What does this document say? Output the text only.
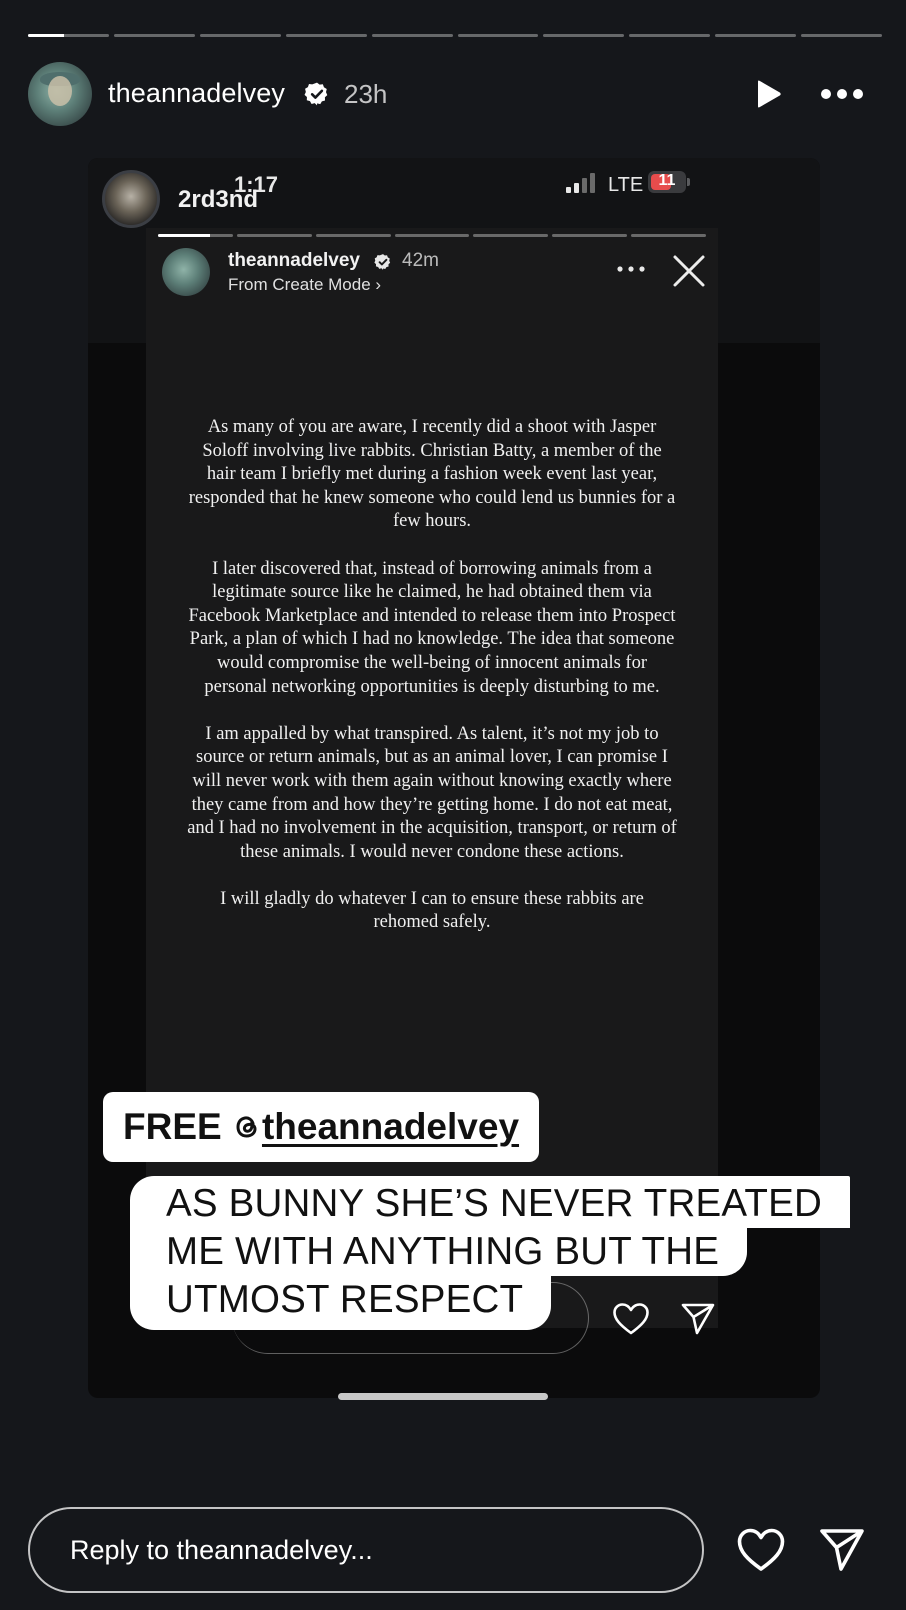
theannadelvey 23h
1:17
2rd3nd
LTE 11
theannadelvey 42m
From Create Mode ›

As many of you are aware, I recently did a shoot with Jasper Soloff involving live rabbits. Christian Batty, a member of the hair team I briefly met during a fashion week event last year, responded that he knew someone who could lend us bunnies for a few hours.

I later discovered that, instead of borrowing animals from a legitimate source like he claimed, he had obtained them via Facebook Marketplace and intended to release them into Prospect Park, a plan of which I had no knowledge. The idea that someone would compromise the well-being of innocent animals for personal networking opportunities is deeply disturbing to me.

I am appalled by what transpired. As talent, it’s not my job to source or return animals, but as an animal lover, I can promise I will never work with them again without knowing exactly where they came from and how they’re getting home. I do not eat meat, and I had no involvement in the acquisition, transport, or return of these animals. I would never condone these actions.

I will gladly do whatever I can to ensure these rabbits are rehomed safely.

FREE theannadelvey
AS BUNNY SHE’S NEVER TREATED
ME WITH ANYTHING BUT THE
UTMOST RESPECT
Reply to theannadelvey...
